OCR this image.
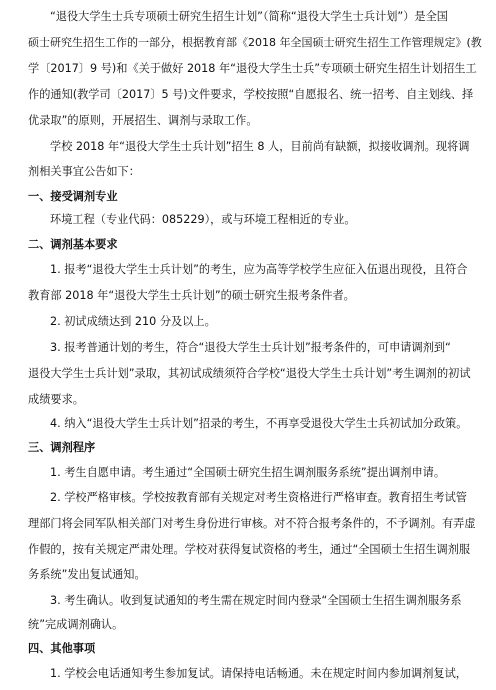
“退役大学生士兵专项硕士研究生招生计划”（简称“退役大学生士兵计划”）是全国
硕士研究生招生工作的一部分，根据教育部《2018 年全国硕士研究生招生工作管理规定》(教
学〔2017〕9 号)和《关于做好 2018 年“退役大学生士兵”专项硕士研究生招生计划招生工
作的通知(教学司〔2017〕5 号)文件要求，学校按照“自愿报名、统一招考、自主划线、择
优录取”的原则，开展招生、调剂与录取工作。
学校 2018 年“退役大学生士兵计划”招生 8 人，目前尚有缺额，拟接收调剂。现将调
剂相关事宜公告如下：
一、接受调剂专业
环境工程（专业代码：085229），或与环境工程相近的专业。
二、调剂基本要求
1. 报考“退役大学生士兵计划”的考生，应为高等学校学生应征入伍退出现役，且符合
教育部 2018 年“退役大学生士兵计划”的硕士研究生报考条件者。
2. 初试成绩达到 210 分及以上。
3. 报考普通计划的考生，符合“退役大学生士兵计划”报考条件的，可申请调剂到“
退役大学生士兵计划”录取，其初试成绩须符合学校“退役大学生士兵计划”考生调剂的初试
成绩要求。
4. 纳入“退役大学生士兵计划”招录的考生，不再享受退役大学生士兵初试加分政策。
三、调剂程序
1. 考生自愿申请。考生通过“全国硕士研究生招生调剂服务系统”提出调剂申请。
2. 学校严格审核。学校按教育部有关规定对考生资格进行严格审查。教育招生考试管
理部门将会同军队相关部门对考生身份进行审核。对不符合报考条件的，不予调剂。有弄虚
作假的，按有关规定严肃处理。学校对获得复试资格的考生，通过“全国硕士生招生调剂服
务系统”发出复试通知。
3. 考生确认。收到复试通知的考生需在规定时间内登录“全国硕士生招生调剂服务系
统”完成调剂确认。
四、其他事项
1. 学校会电话通知考生参加复试。请保持电话畅通。未在规定时间内参加调剂复试，
